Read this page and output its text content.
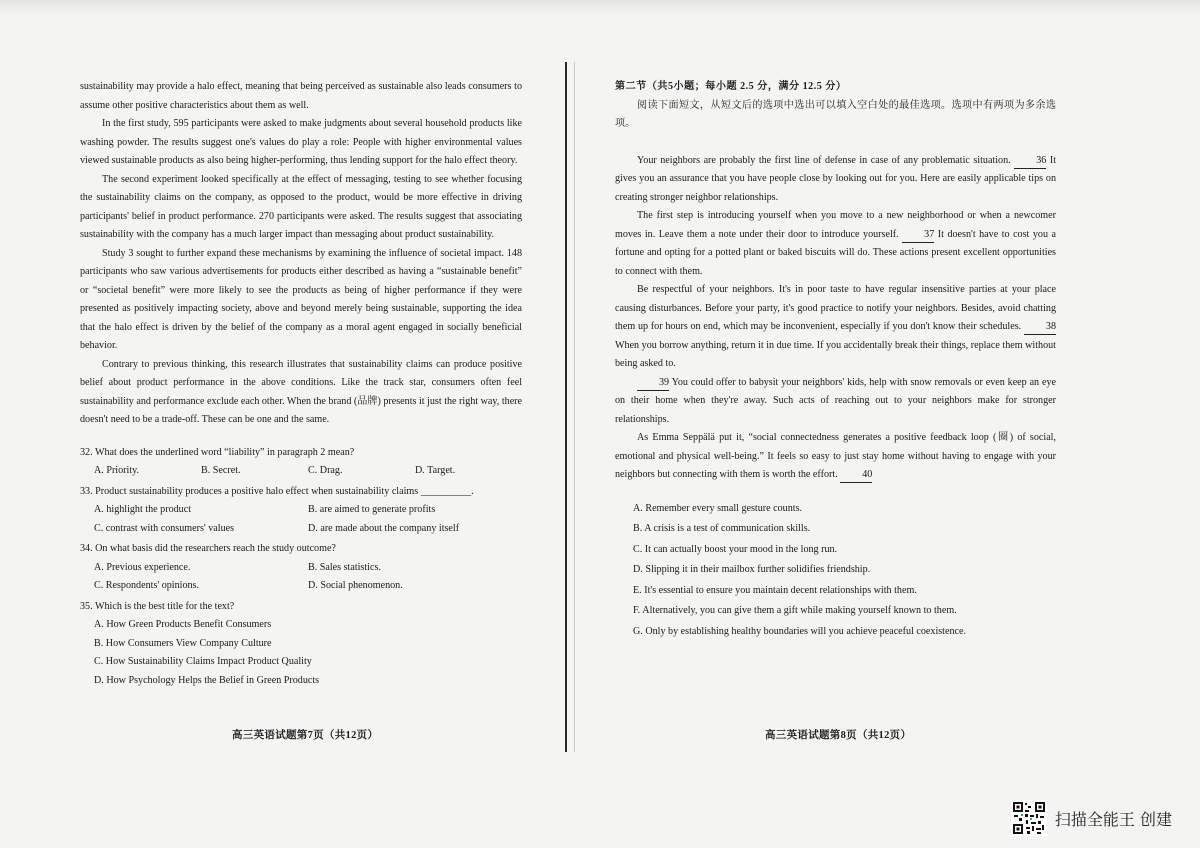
sustainability may provide a halo effect, meaning that being perceived as sustainable also leads consumers to assume other positive characteristics about them as well.

In the first study, 595 participants were asked to make judgments about several household products like washing powder. The results suggest one's values do play a role: People with higher environmental values viewed sustainable products as also being higher-performing, thus lending support for the halo effect theory.

The second experiment looked specifically at the effect of messaging, testing to see whether focusing the sustainability claims on the company, as opposed to the product, would be more effective in driving participants' belief in product performance. 270 participants were asked. The results suggest that associating sustainability with the company has a much larger impact than messaging about product sustainability.

Study 3 sought to further expand these mechanisms by examining the influence of societal impact. 148 participants who saw various advertisements for products either described as having a “sustainable benefit” or “societal benefit” were more likely to see the products as being of higher performance if they were presented as positively impacting society, above and beyond merely being sustainable, supporting the idea that the halo effect is driven by the belief of the company as a moral agent engaged in socially beneficial behavior.

Contrary to previous thinking, this research illustrates that sustainability claims can produce positive belief about product performance in the above conditions. Like the track star, consumers often feel sustainability and performance exclude each other. When the brand (品牌) presents it just the right way, there doesn't need to be a trade-off. These can be one and the same.

32. What does the underlined word “liability” in paragraph 2 mean?

A. Priority.	B. Secret.	C. Drag.	D. Target.

33. Product sustainability produces a positive halo effect when sustainability claims __________.

A. highlight the product	B. are aimed to generate profits
C. contrast with consumers' values	D. are made about the company itself

34. On what basis did the researchers reach the study outcome?

A. Previous experience.	B. Sales statistics.
C. Respondents' opinions.	D. Social phenomenon.

35. Which is the best title for the text?

A. How Green Products Benefit Consumers
B. How Consumers View Company Culture
C. How Sustainability Claims Impact Product Quality
D. How Psychology Helps the Belief in Green Products
高三英语试题第7页（共12页）

第二节（共5小题；每小题 2.5 分，满分 12.5 分）

阅读下面短文，从短文后的选项中选出可以填入空白处的最佳选项。选项中有两项为多余选项。

Your neighbors are probably the first line of defense in case of any problematic situation.	36 It gives you an assurance that you have people close by looking out for you. Here are easily applicable tips on creating stronger neighbor relationships.

The first step is introducing yourself when you move to a new neighborhood or when a newcomer moves in. Leave them a note under their door to introduce yourself.	37 It doesn't have to cost you a fortune and opting for a potted plant or baked biscuits will do. These actions present excellent opportunities to connect with them.

Be respectful of your neighbors. It's in poor taste to have regular insensitive parties at your place causing disturbances. Before your party, it's good practice to notify your neighbors. Besides, avoid chatting them up for hours on end, which may be inconvenient, especially if you don't know their schedules. 38 When you borrow anything, return it in due time. If you accidentally break their things, replace them without being asked to.

39 You could offer to babysit your neighbors' kids, help with snow removals or even keep an eye on their home when they're away. Such acts of reaching out to your neighbors make for stronger relationships.

As Emma Seppälä put it, “social connectedness generates a positive feedback loop (圈) of social, emotional and physical well-being.” It feels so easy to just stay home without having to engage with your neighbors but connecting with them is worth the effort. 40

A. Remember every small gesture counts.
B. A crisis is a test of communication skills.
C. It can actually boost your mood in the long run.
D. Slipping it in their mailbox further solidifies friendship.
E. It's essential to ensure you maintain decent relationships with them.
F. Alternatively, you can give them a gift while making yourself known to them.
G. Only by establishing healthy boundaries will you achieve peaceful coexistence.
高三英语试题第8页（共12页）
扫描全能王 创建
